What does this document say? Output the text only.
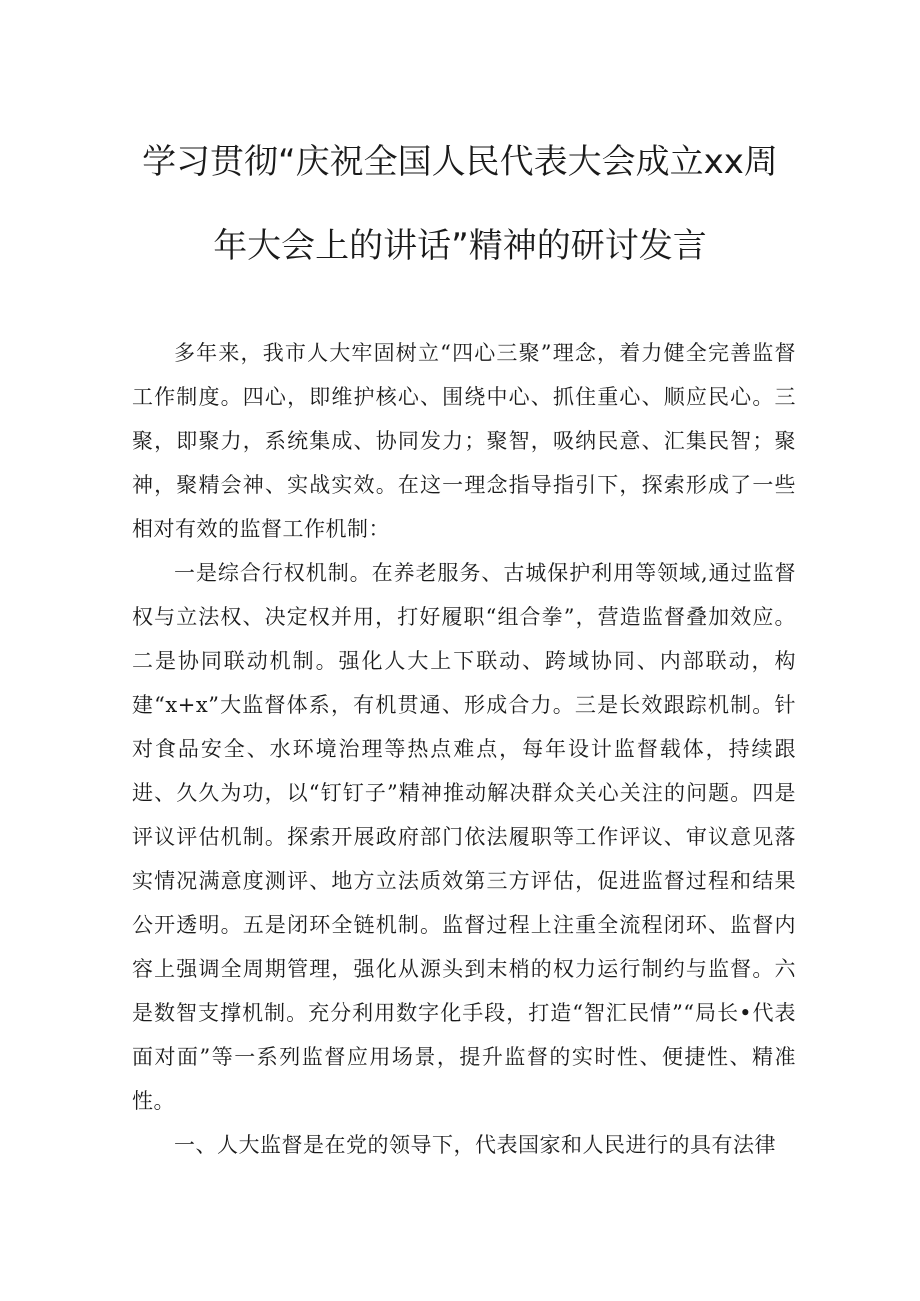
学习贯彻“庆祝全国人民代表大会成立xx周
年大会上的讲话”精神的研讨发言

多年来，我市人大牢固树立“四心三聚”理念，着力健全完善监督工作制度。四心，即维护核心、围绕中心、抓住重心、顺应民心。三聚，即聚力，系统集成、协同发力；聚智，吸纳民意、汇集民智；聚神，聚精会神、实战实效。在这一理念指导指引下，探索形成了一些相对有效的监督工作机制：

一是综合行权机制。在养老服务、古城保护利用等领域,通过监督权与立法权、决定权并用，打好履职“组合拳”，营造监督叠加效应。二是协同联动机制。强化人大上下联动、跨域协同、内部联动，构建“x+x”大监督体系，有机贯通、形成合力。三是长效跟踪机制。针对食品安全、水环境治理等热点难点，每年设计监督载体，持续跟进、久久为功，以“钉钉子”精神推动解决群众关心关注的问题。四是评议评估机制。探索开展政府部门依法履职等工作评议、审议意见落实情况满意度测评、地方立法质效第三方评估，促进监督过程和结果公开透明。五是闭环全链机制。监督过程上注重全流程闭环、监督内容上强调全周期管理，强化从源头到末梢的权力运行制约与监督。六是数智支撑机制。充分利用数字化手段，打造“智汇民情”“局长•代表面对面”等一系列监督应用场景，提升监督的实时性、便捷性、精准性。

一、人大监督是在党的领导下，代表国家和人民进行的具有法律
